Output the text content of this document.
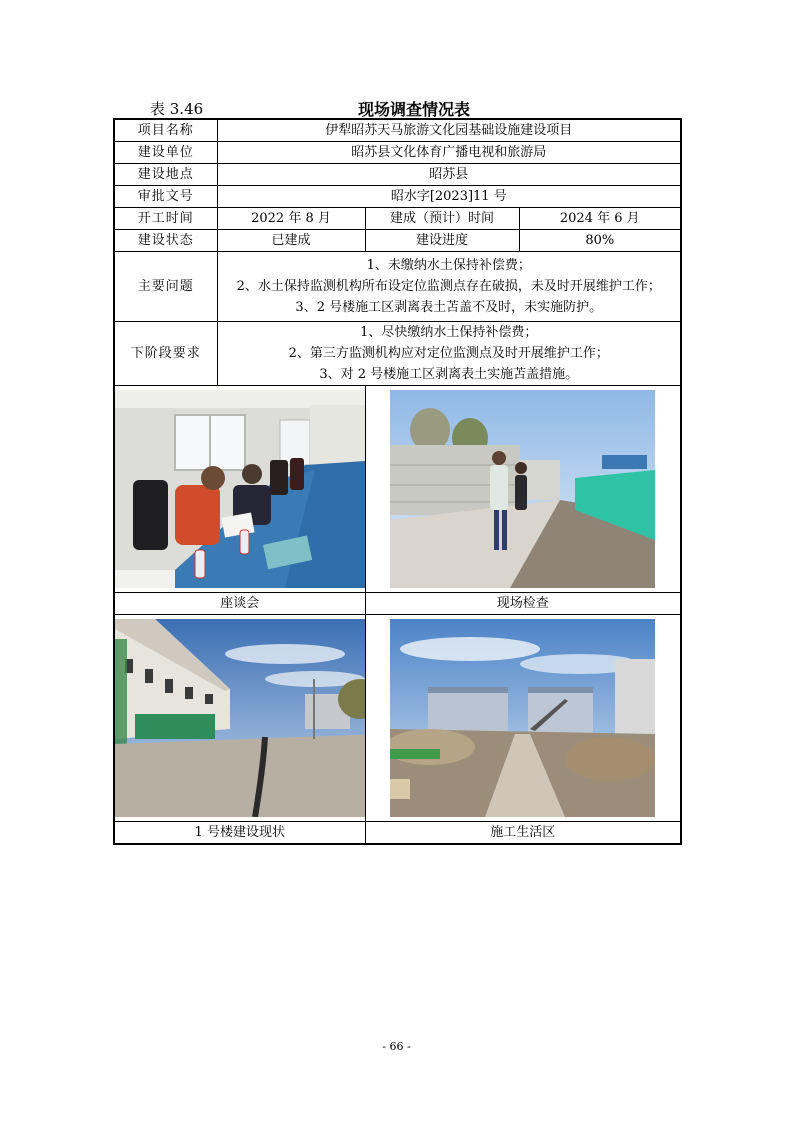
表 3.46	现场调查情况表
项目名称	伊犁昭苏天马旅游文化园基础设施建设项目		
建设单位	昭苏县文化体育广播电视和旅游局		
建设地点	昭苏县		
审批文号	昭水字[2023]11 号		
开工时间	2022 年 8 月	建成（预计）时间	2024 年 6 月
建设状态	已建成	建设进度	80%
主要问题	1、未缴纳水土保持补偿费；
2、水土保持监测机构所布设定位监测点存在破损，未及时开展维护工作；
3、2 号楼施工区剥离表土苫盖不及时，未实施防护。		

下阶段要求	1、尽快缴纳水土保持补偿费；
2、第三方监测机构应对定位监测点及时开展维护工作；
3、对 2 号楼施工区剥离表土实施苫盖措施。		

座谈会		现场检查	

1 号楼建设现状		施工生活区	
- 66 -
